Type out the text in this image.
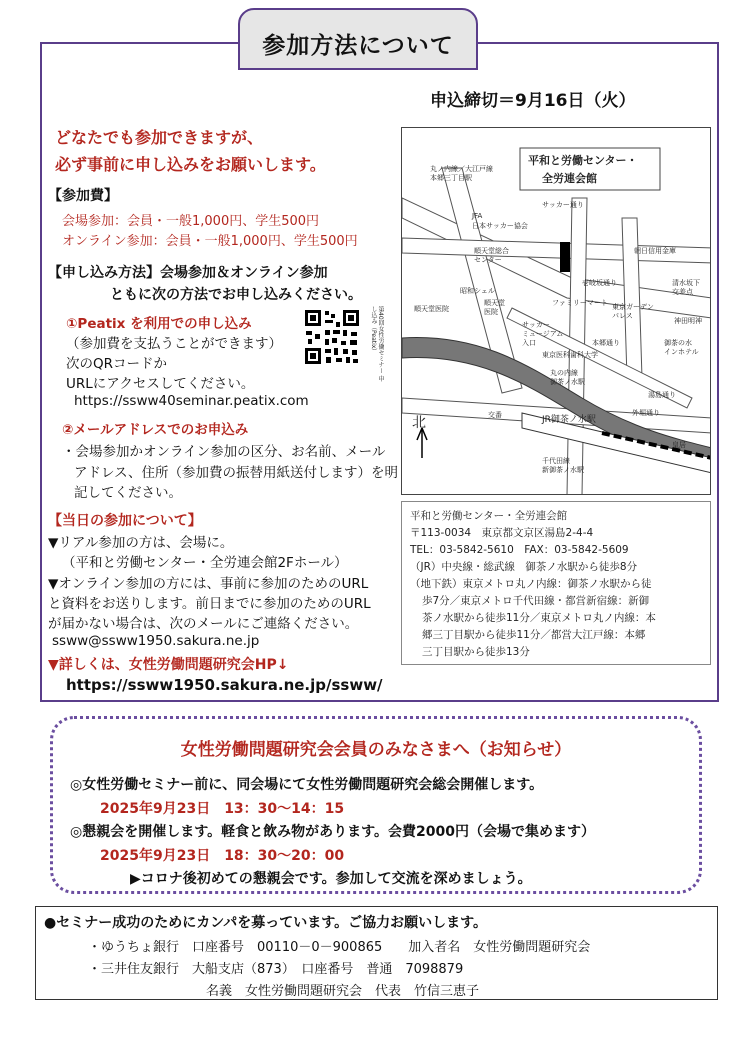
参加方法について
申込締切＝9月16日（火）
どなたでも参加できますが、
必ず事前に申し込みをお願いします。
【参加費】
会場参加：会員・一般1,000円、学生500円
オンライン参加：会員・一般1,000円、学生500円
【申し込み方法】会場参加＆オンライン参加
ともに次の方法でお申し込みください。
①Peatix を利用での申し込み
（参加費を支払うことができます）
次のQRコードか
URLにアクセスしてください。
https://ssww40seminar.peatix.com
第40回女性労働セミナー 申し込み（Peatix）
②メールアドレスでのお申込み
・会場参加かオンライン参加の区分、お名前、メール
アドレス、住所（参加費の振替用紙送付します）を明
記してください。
【当日の参加について】
▼リアル参加の方は、会場に。
（平和と労働センター・全労連会館2Fホール）
▼オンライン参加の方には、事前に参加のためのURL
と資料をお送りします。前日までに参加のためのURL
が届かない場合は、次のメールにご連絡ください。
ssww@ssww1950.sakura.ne.jp
▼詳しくは、女性労働問題研究会HP↓
https://ssww1950.sakura.ne.jp/ssww/
平和と労働センター・
全労連会館
北
丸ノ内線／大江戸線
本郷三丁目駅
サッカー通り
JFA
日本サッカー協会
順天堂総合
センター
昭和シェル
朝日信用金庫
壱岐坂通り	清水坂下
交差点
ファミリーマート 東京ガーデン
パレス
神田明神
順天堂医院
順天堂
医院
サッカー
ミュージアム
入口
東京医科歯科大学
丸の内線
御茶ノ水駅
湯島通り
御茶の水
インホテル
神田川
外堀通り
交番	JR御茶ノ水駅
千代田線
新御茶ノ水駅
本郷通り
皇居
平和と労働センター・全労連会館
〒113-0034　東京都文京区湯島2-4-4
TEL：03-5842-5610　FAX：03-5842-5609
（JR）中央線・総武線　御茶ノ水駅から徒歩8分
（地下鉄）東京メトロ丸ノ内線：御茶ノ水駅から徒
歩7分／東京メトロ千代田線・都営新宿線：新御
茶ノ水駅から徒歩11分／東京メトロ丸ノ内線：本
郷三丁目駅から徒歩11分／都営大江戸線：本郷
三丁目駅から徒歩13分
女性労働問題研究会会員のみなさまへ（お知らせ）
◎女性労働セミナー前に、同会場にて女性労働問題研究会総会開催します。
2025年9月23日　13：30～14：15
◎懇親会を開催します。軽食と飲み物があります。会費2000円（会場で集めます）
2025年9月23日　18：30～20：00
▶コロナ後初めての懇親会です。参加して交流を深めましょう。
●セミナー成功のためにカンパを募っています。ご協力お願いします。
・ゆうちょ銀行　口座番号　00110－0－900865　　加入者名　女性労働問題研究会
・三井住友銀行　大船支店（873）　口座番号　普通　7098879
名義　女性労働問題研究会　代表　竹信三恵子
